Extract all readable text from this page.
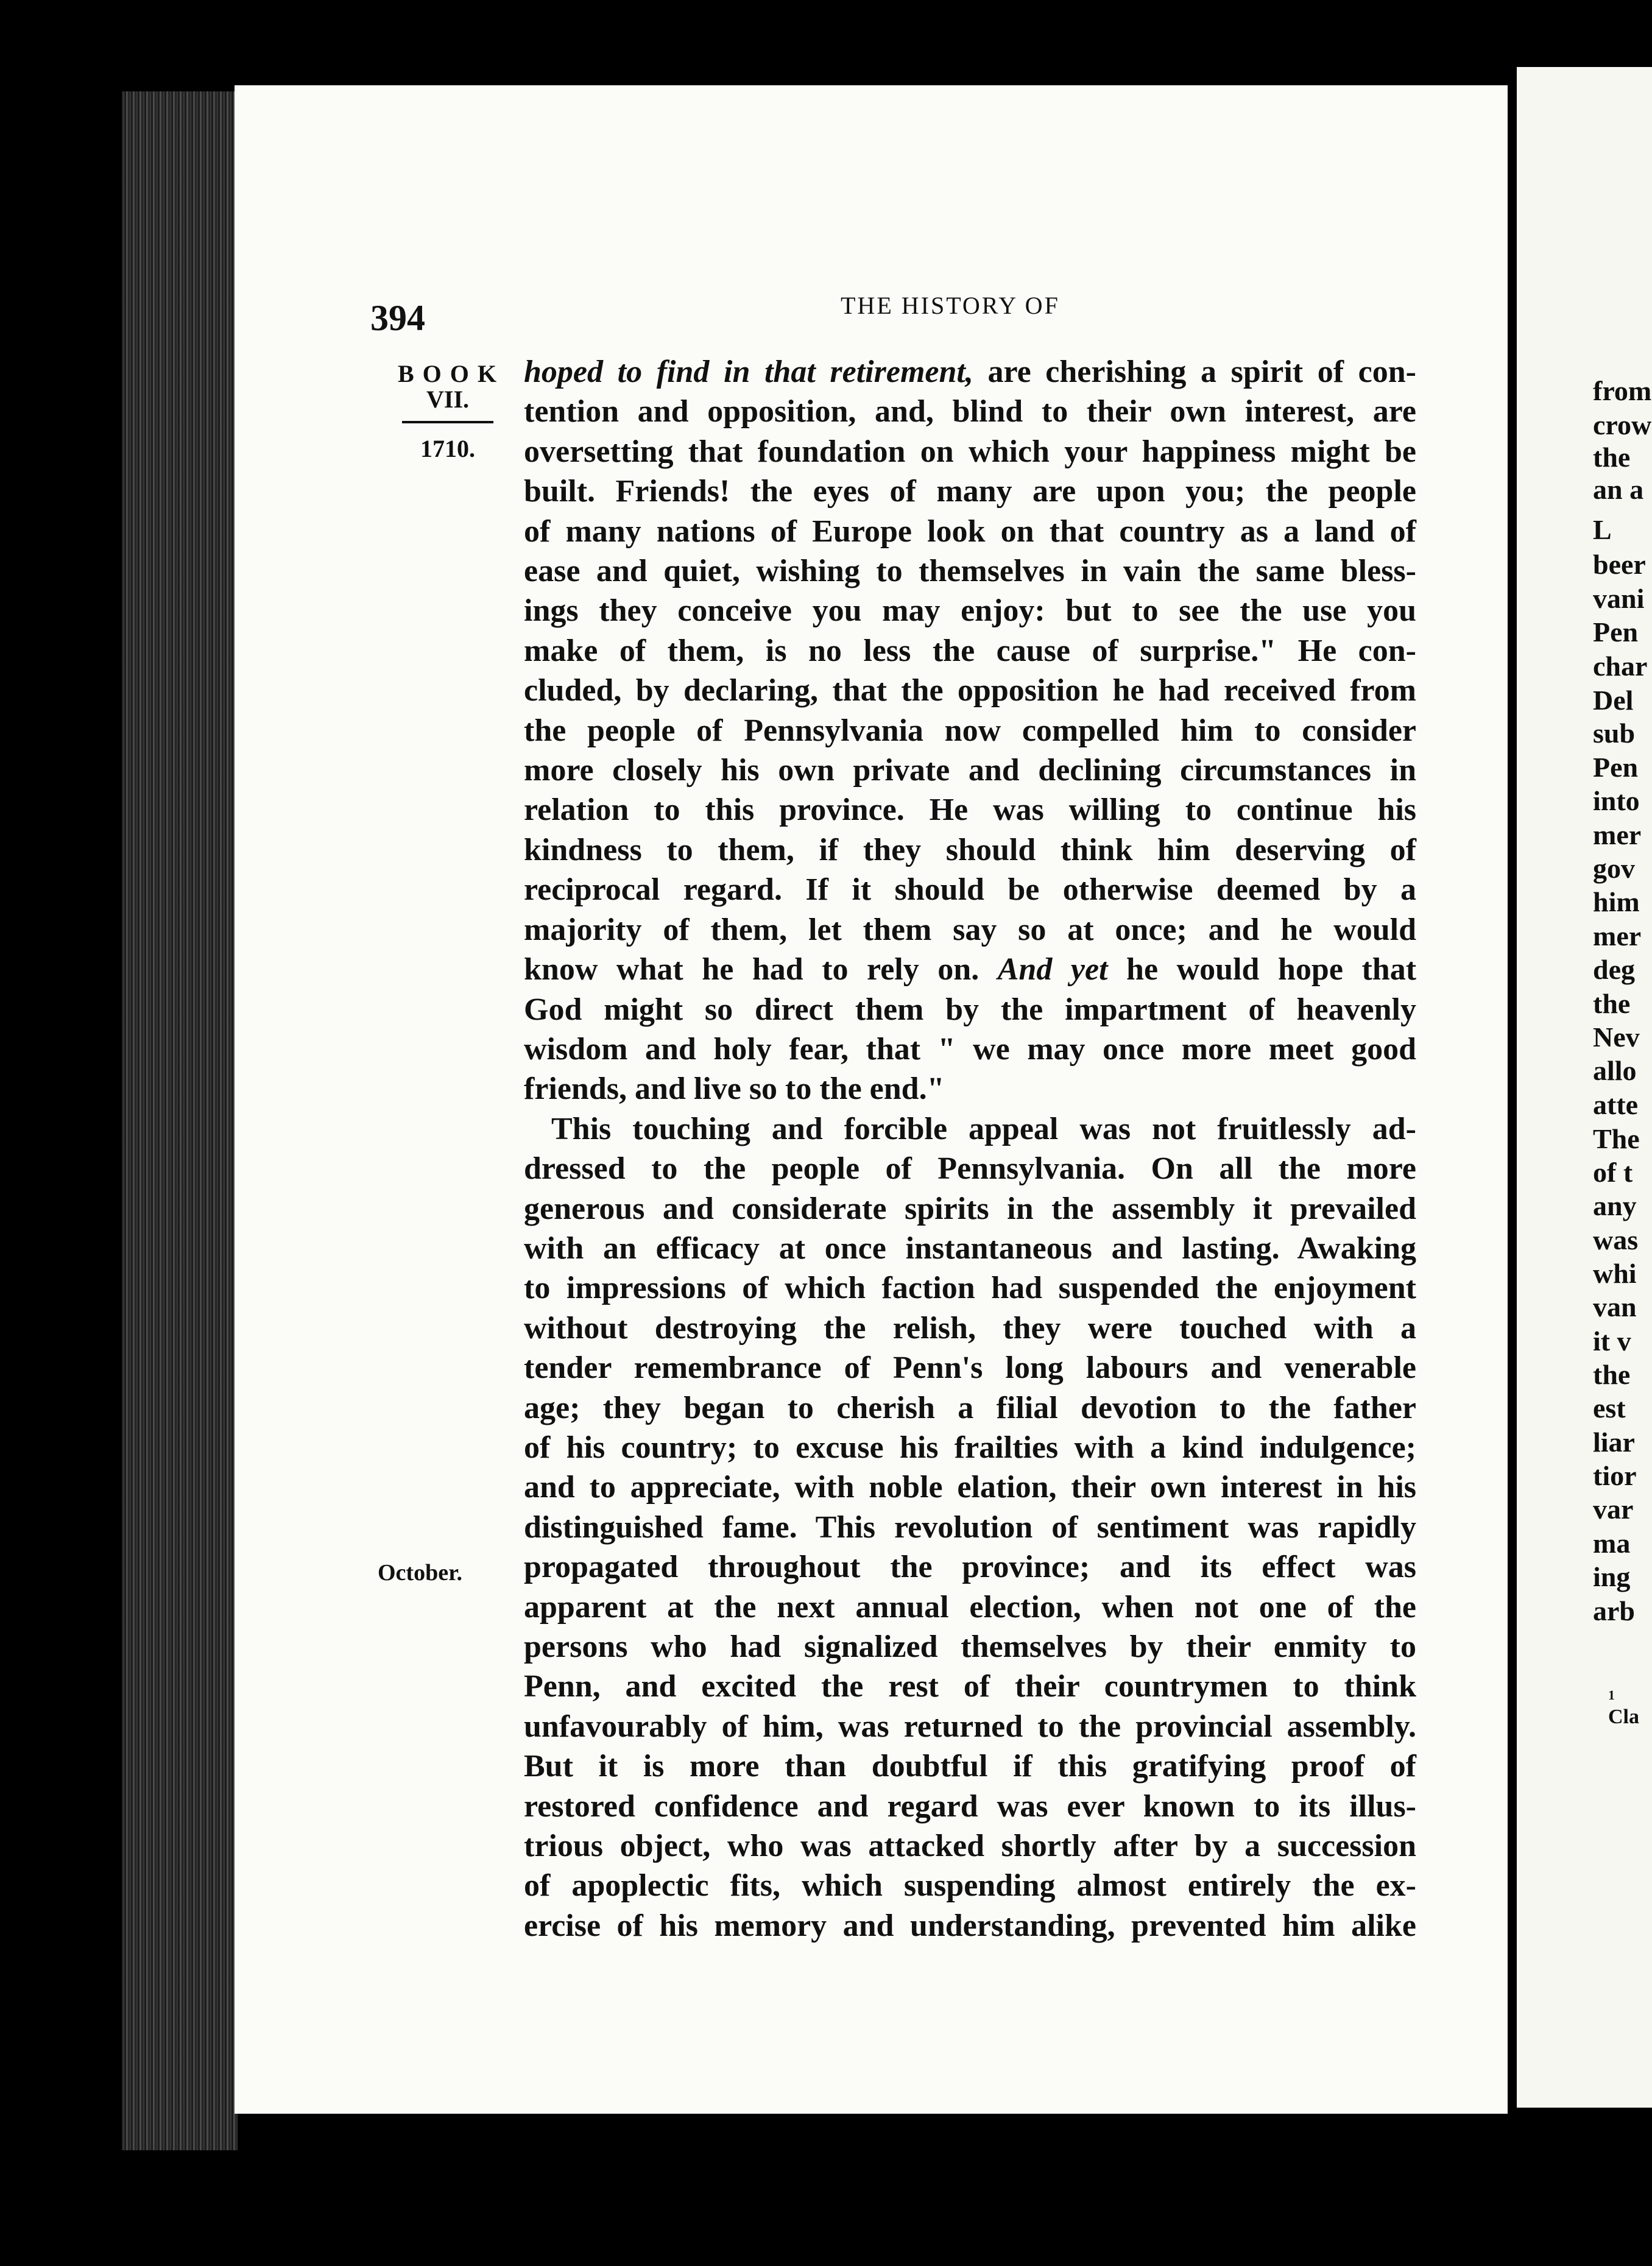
394	THE HISTORY OF
BOOK
VII.
1710.
October.
hoped to find in that retirement, are cherishing a spirit of con-
tention and opposition, and, blind to their own interest, are
oversetting that foundation on which your happiness might be
built. Friends! the eyes of many are upon you; the people
of many nations of Europe look on that country as a land of
ease and quiet, wishing to themselves in vain the same bless-
ings they conceive you may enjoy: but to see the use you
make of them, is no less the cause of surprise." He con-
cluded, by declaring, that the opposition he had received from
the people of Pennsylvania now compelled him to consider
more closely his own private and declining circumstances in
relation to this province. He was willing to continue his
kindness to them, if they should think him deserving of
reciprocal regard. If it should be otherwise deemed by a
majority of them, let them say so at once; and he would
know what he had to rely on. And yet he would hope that
God might so direct them by the impartment of heavenly
wisdom and holy fear, that " we may once more meet good
friends, and live so to the end."
This touching and forcible appeal was not fruitlessly ad-
dressed to the people of Pennsylvania. On all the more
generous and considerate spirits in the assembly it prevailed
with an efficacy at once instantaneous and lasting. Awaking
to impressions of which faction had suspended the enjoyment
without destroying the relish, they were touched with a
tender remembrance of Penn's long labours and venerable
age; they began to cherish a filial devotion to the father
of his country; to excuse his frailties with a kind indulgence;
and to appreciate, with noble elation, their own interest in his
distinguished fame. This revolution of sentiment was rapidly
propagated throughout the province; and its effect was
apparent at the next annual election, when not one of the
persons who had signalized themselves by their enmity to
Penn, and excited the rest of their countrymen to think
unfavourably of him, was returned to the provincial assembly.
But it is more than doubtful if this gratifying proof of
restored confidence and regard was ever known to its illus-
trious object, who was attacked shortly after by a succession
of apoplectic fits, which suspending almost entirely the ex-
ercise of his memory and understanding, prevented him alike
from
crow
the
an a
L
beer
vani
Pen
char
Del
sub
Pen
into
mer
gov
him
mer
deg
the
Nev
allo
atte
The
of t
any
was
whi
van
it v
the
est
liar
tior
var
ma
ing
arb
1
Cla
